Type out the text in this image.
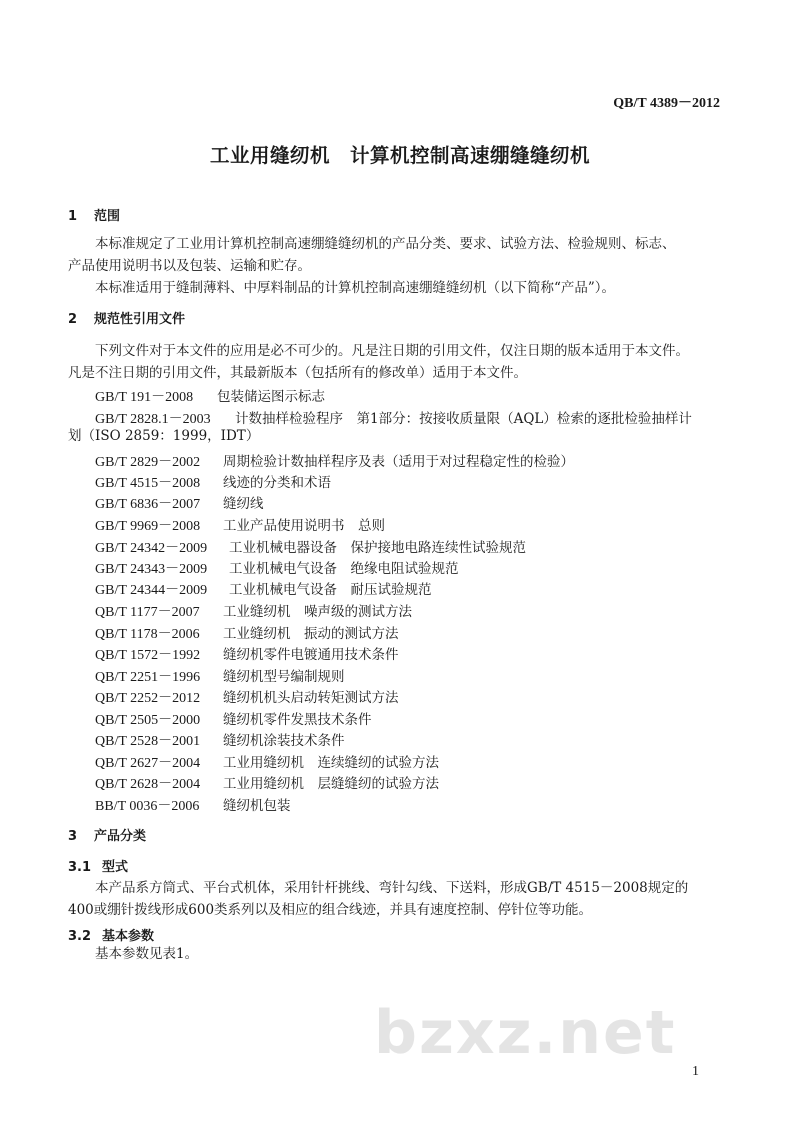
QB/T 4389－2012
工业用缝纫机　计算机控制高速绷缝缝纫机
1 范围
本标准规定了工业用计算机控制高速绷缝缝纫机的产品分类、要求、试验方法、检验规则、标志、
产品使用说明书以及包装、运输和贮存。
本标准适用于缝制薄料、中厚料制品的计算机控制高速绷缝缝纫机（以下简称“产品”）。
2 规范性引用文件
下列文件对于本文件的应用是必不可少的。凡是注日期的引用文件，仅注日期的版本适用于本文件。
凡是不注日期的引用文件，其最新版本（包括所有的修改单）适用于本文件。
GB/T 191－2008 包装储运图示标志
GB/T 2828.1－2003 计数抽样检验程序　第1部分：按接收质量限（AQL）检索的逐批检验抽样计
划（ISO 2859：1999，IDT）
GB/T 2829－2002 周期检验计数抽样程序及表（适用于对过程稳定性的检验）
GB/T 4515－2008 线迹的分类和术语
GB/T 6836－2007 缝纫线
GB/T 9969－2008 工业产品使用说明书　总则
GB/T 24342－2009 工业机械电器设备　保护接地电路连续性试验规范
GB/T 24343－2009 工业机械电气设备　绝缘电阻试验规范
GB/T 24344－2009 工业机械电气设备　耐压试验规范
QB/T 1177－2007 工业缝纫机　噪声级的测试方法
QB/T 1178－2006 工业缝纫机　振动的测试方法
QB/T 1572－1992 缝纫机零件电镀通用技术条件
QB/T 2251－1996 缝纫机型号编制规则
QB/T 2252－2012 缝纫机机头启动转矩测试方法
QB/T 2505－2000 缝纫机零件发黑技术条件
QB/T 2528－2001 缝纫机涂装技术条件
QB/T 2627－2004 工业用缝纫机　连续缝纫的试验方法
QB/T 2628－2004 工业用缝纫机　层缝缝纫的试验方法
BB/T 0036－2006 缝纫机包装
3 产品分类
3.1 型式
本产品系方筒式、平台式机体，采用针杆挑线、弯针勾线、下送料，形成GB/T 4515－2008规定的
400或绷针拨线形成600类系列以及相应的组合线迹，并具有速度控制、停针位等功能。
3.2 基本参数
基本参数见表1。
bzxz.net
1
